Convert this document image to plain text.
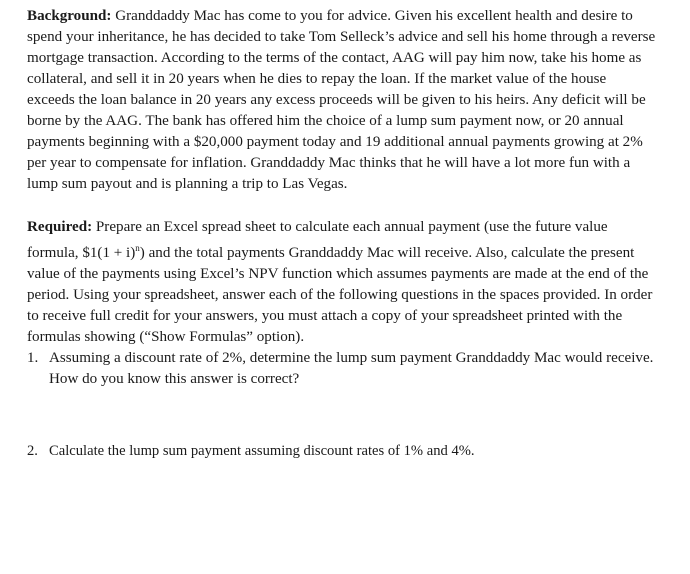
Background: Granddaddy Mac has come to you for advice. Given his excellent health and desire to spend your inheritance, he has decided to take Tom Selleck’s advice and sell his home through a reverse mortgage transaction. According to the terms of the contact, AAG will pay him now, take his home as collateral, and sell it in 20 years when he dies to repay the loan. If the market value of the house exceeds the loan balance in 20 years any excess proceeds will be given to his heirs. Any deficit will be borne by the AAG. The bank has offered him the choice of a lump sum payment now, or 20 annual payments beginning with a $20,000 payment today and 19 additional annual payments growing at 2% per year to compensate for inflation. Granddaddy Mac thinks that he will have a lot more fun with a lump sum payout and is planning a trip to Las Vegas.

Required: Prepare an Excel spread sheet to calculate each annual payment (use the future value formula, $1(1 + i)$^n$) and the total payments Granddaddy Mac will receive. Also, calculate the present value of the payments using Excel’s NPV function which assumes payments are made at the end of the period. Using your spreadsheet, answer each of the following questions in the spaces provided. In order to receive full credit for your answers, you must attach a copy of your spreadsheet printed with the formulas showing (“Show Formulas” option).

1. Assuming a discount rate of 2%, determine the lump sum payment Granddaddy Mac would receive. How do you know this answer is correct?
2. Calculate the lump sum payment assuming discount rates of 1% and 4%.
